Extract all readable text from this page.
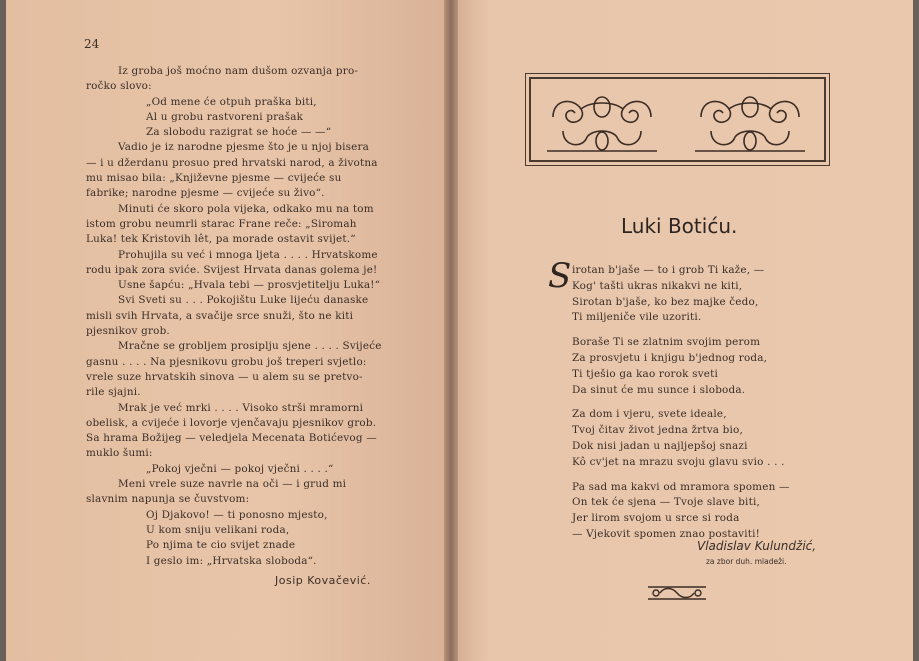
24

Iz groba još moćno nam dušom ozvanja pro-

ročko slovo:

„Od mene će otpuh praška biti,

Al u grobu rastvoreni prašak

Za slobodu razigrat se hoće — —“

Vadio je iz narodne pjesme što je u njoj bisera

— i u džerdanu prosuo pred hrvatski narod, a životna

mu misao bila: „Književne pjesme — cvijeće su

fabrike; narodne pjesme — cvijeće su živo“.

Minuti će skoro pola vijeka, odkako mu na tom

istom grobu neumrli starac Frane reče: „Siromah

Luka! tek Kristovih lêt, pa morade ostavit svijet.“

Prohujila su već i mnoga ljeta . . . . Hrvatskome

rodu ipak zora sviće. Svijest Hrvata danas golema je!

Usne šapću: „Hvala tebi — prosvjetitelju Luka!“

Svi Sveti su . . . Pokojištu Luke lijeću danaske

misli svih Hrvata, a svačije srce snuži, što ne kiti

pjesnikov grob.

Mračne se grobljem prosiplju sjene . . . . Svijeće

gasnu . . . . Na pjesnikovu grobu još treperi svjetlo:

vrele suze hrvatskih sinova — u alem su se pretvo-

rile sjajni.

Mrak je već mrki . . . . Visoko strši mramorni

obelisk, a cvijeće i lovorje vjenčavaju pjesnikov grob.

Sa hrama Božijeg — veledjela Mecenata Botićevog —

muklo šumi:

„Pokoj vječni — pokoj vječni . . . .“

Meni vrele suze navrle na oči — i grud mi

slavnim napunja se čuvstvom:

Oj Djakovo! — ti ponosno mjesto,

U kom sniju velikani roda,

Po njima te cio svijet znade

I geslo im: „Hrvatska sloboda“.

Josip Kovačević.
Luki Botiću.
S irotan b'jaše — to i grob Ti kaže, —
Kog' tašti ukras nikakvi ne kiti,
Sirotan b'jaše, ko bez majke čedo,
Ti miljeniče vile uzoriti.
Boraše Ti se zlatnim svojim perom
Za prosvjetu i knjigu b'jednog roda,
Ti tješio ga kao rorok sveti
Da sinut će mu sunce i sloboda.
Za dom i vjeru, svete ideale,
Tvoj čitav život jedna žrtva bio,
Dok nisi jadan u najljepšoj snazi
Kô cv'jet na mrazu svoju glavu svio . . .
Pa sad ma kakvi od mramora spomen —
On tek će sjena — Tvoje slave biti,
Jer lirom svojom u srce si roda
— Vjekovit spomen znao postaviti!
Vladislav Kulundžić,
za zbor duh. mladeži.
